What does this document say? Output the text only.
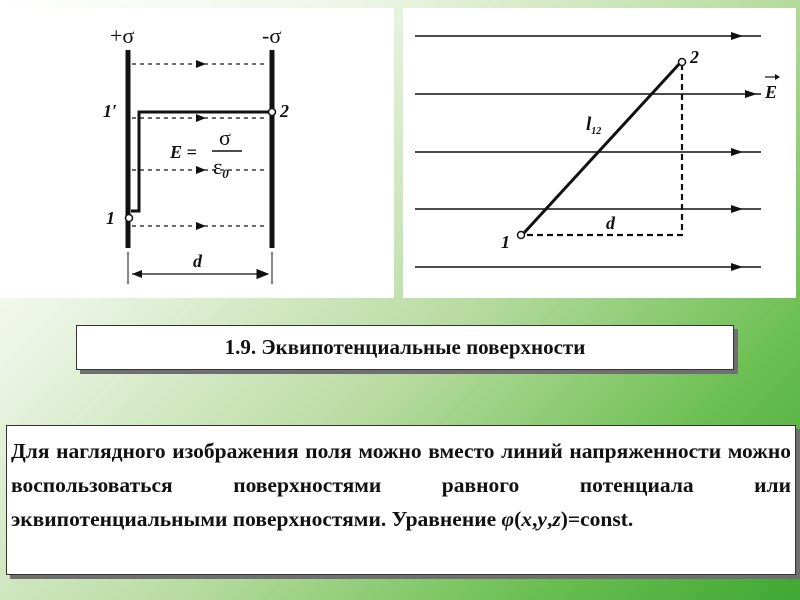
+σ	-σ
1′
1
2
E =
σ
ε0
d
1
2
$l_{12}$
d
E
1.9. Эквипотенциальные поверхности
Для наглядного изображения поля можно вместо линий напряженности можно воспользоваться поверхностями равного потенциала или эквипотенциальными поверхностями. Уравнение φ(x,y,z)=const.
